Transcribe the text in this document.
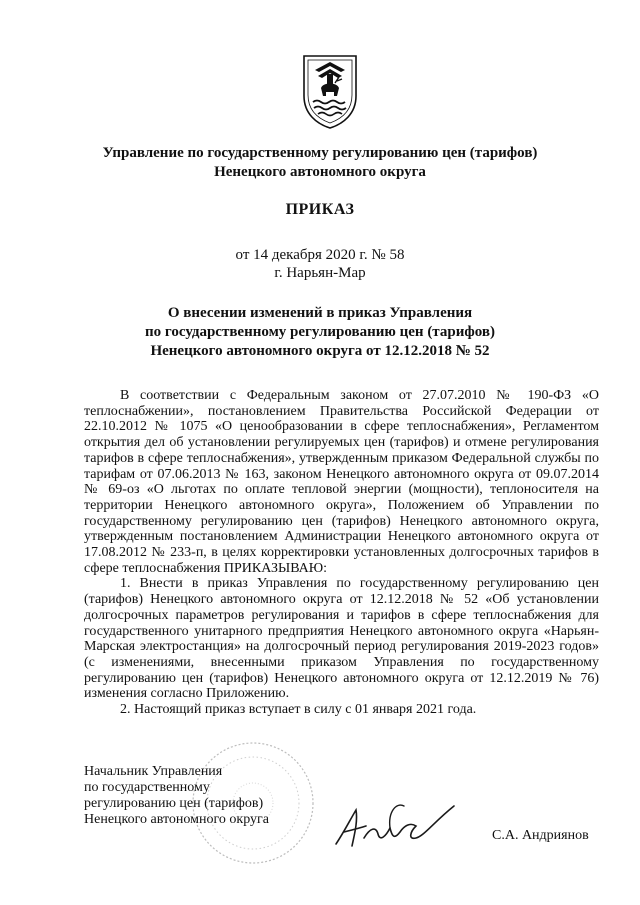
Управление по государственному регулированию цен (тарифов)
Ненецкого автономного округа
ПРИКАЗ
от 14 декабря 2020 г. № 58
г. Нарьян-Мар
О внесении изменений в приказ Управления
по государственному регулированию цен (тарифов)
Ненецкого автономного округа от 12.12.2018 № 52

В соответствии с Федеральным законом от 27.07.2010 № 190-ФЗ «О теплоснабжении», постановлением Правительства Российской Федерации от 22.10.2012 № 1075 «О ценообразовании в сфере теплоснабжения», Регламентом открытия дел об установлении регулируемых цен (тарифов) и отмене регулирования тарифов в сфере теплоснабжения», утвержденным приказом Федеральной службы по тарифам от 07.06.2013 № 163, законом Ненецкого автономного округа от 09.07.2014 № 69-оз «О льготах по оплате тепловой энергии (мощности), теплоносителя на территории Ненецкого автономного округа», Положением об Управлении по государственному регулированию цен (тарифов) Ненецкого автономного округа, утвержденным постановлением Администрации Ненецкого автономного округа от 17.08.2012 № 233-п, в целях корректировки установленных долгосрочных тарифов в сфере теплоснабжения ПРИКАЗЫВАЮ:

1. Внести в приказ Управления по государственному регулированию цен (тарифов) Ненецкого автономного округа от 12.12.2018 № 52 «Об установлении долгосрочных параметров регулирования и тарифов в сфере теплоснабжения для государственного унитарного предприятия Ненецкого автономного округа «Нарьян-Марская электростанция» на долгосрочный период регулирования 2019-2023 годов» (с изменениями, внесенными приказом Управления по государственному регулированию цен (тарифов) Ненецкого автономного округа от 12.12.2019 № 76) изменения согласно Приложению.

2. Настоящий приказ вступает в силу с 01 января 2021 года.

Начальник Управления
по государственному
регулированию цен (тарифов)
Ненецкого автономного округа
С.А. Андриянов
